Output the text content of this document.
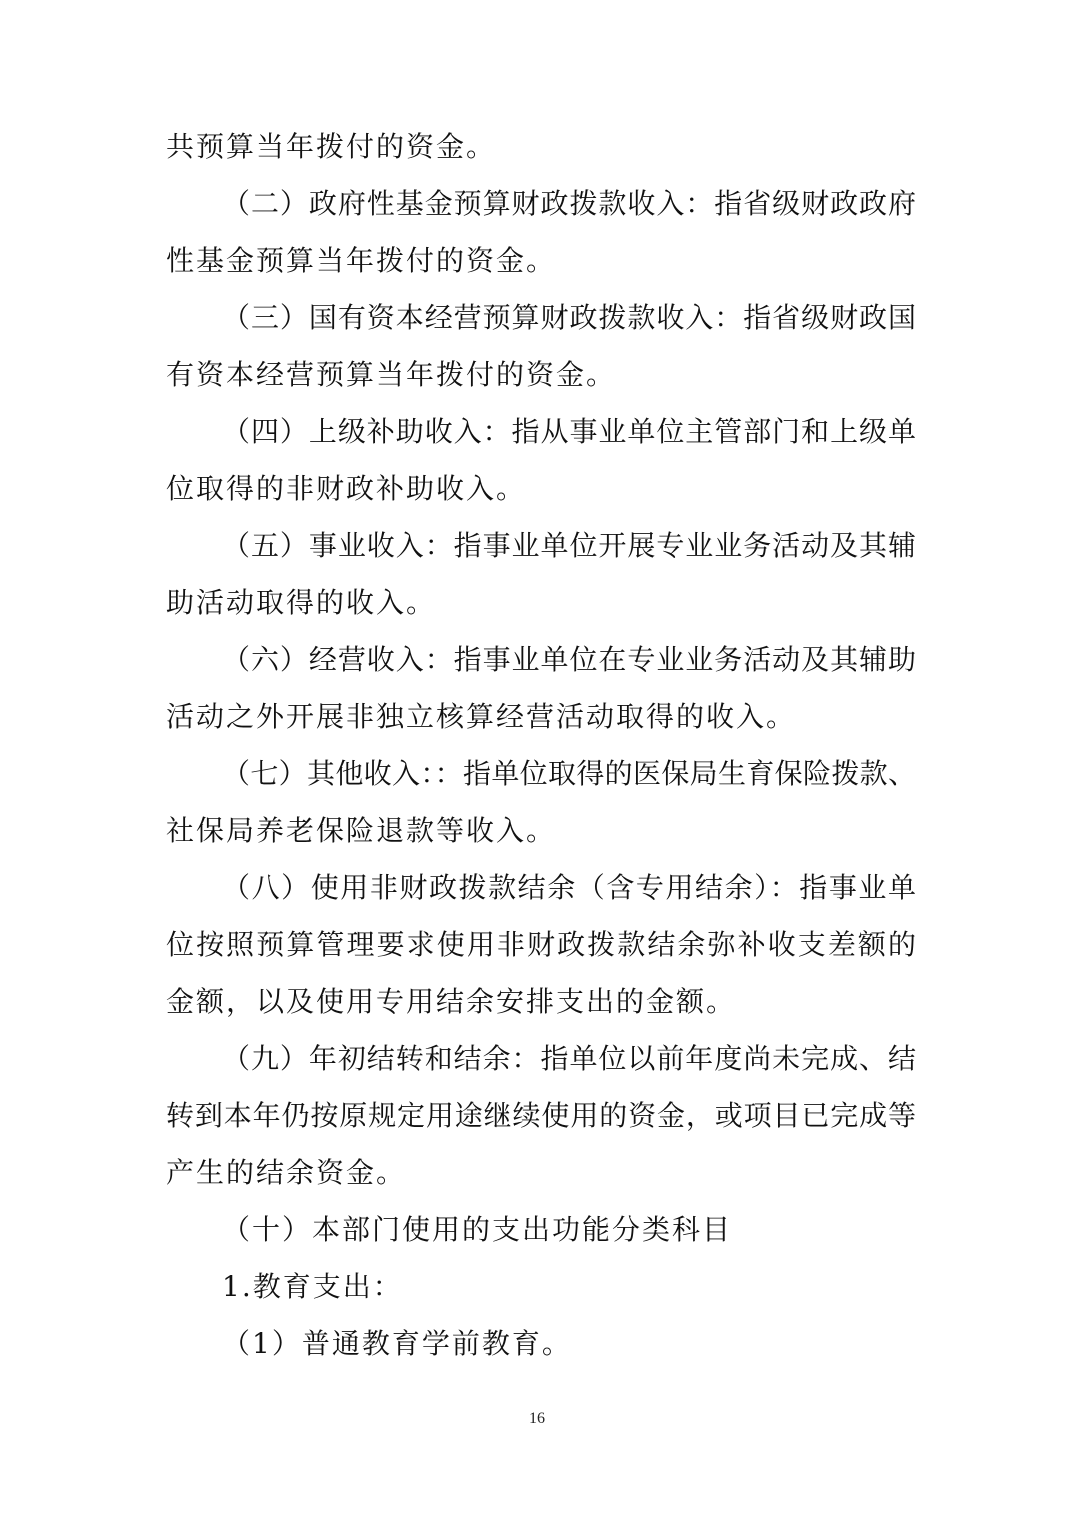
共预算当年拨付的资金。
（二）政府性基金预算财政拨款收入：指省级财政政府
性基金预算当年拨付的资金。
（三）国有资本经营预算财政拨款收入：指省级财政国
有资本经营预算当年拨付的资金。
（四）上级补助收入：指从事业单位主管部门和上级单
位取得的非财政补助收入。
（五）事业收入：指事业单位开展专业业务活动及其辅
助活动取得的收入。
（六）经营收入：指事业单位在专业业务活动及其辅助
活动之外开展非独立核算经营活动取得的收入。
（七）其他收入：：指单位取得的医保局生育保险拨款、
社保局养老保险退款等收入。
（八）使用非财政拨款结余（含专用结余）：指事业单
位按照预算管理要求使用非财政拨款结余弥补收支差额的
金额，以及使用专用结余安排支出的金额。
（九）年初结转和结余：指单位以前年度尚未完成、结
转到本年仍按原规定用途继续使用的资金，或项目已完成等
产生的结余资金。
（十）本部门使用的支出功能分类科目
1.教育支出：
（1）普通教育学前教育。
16
